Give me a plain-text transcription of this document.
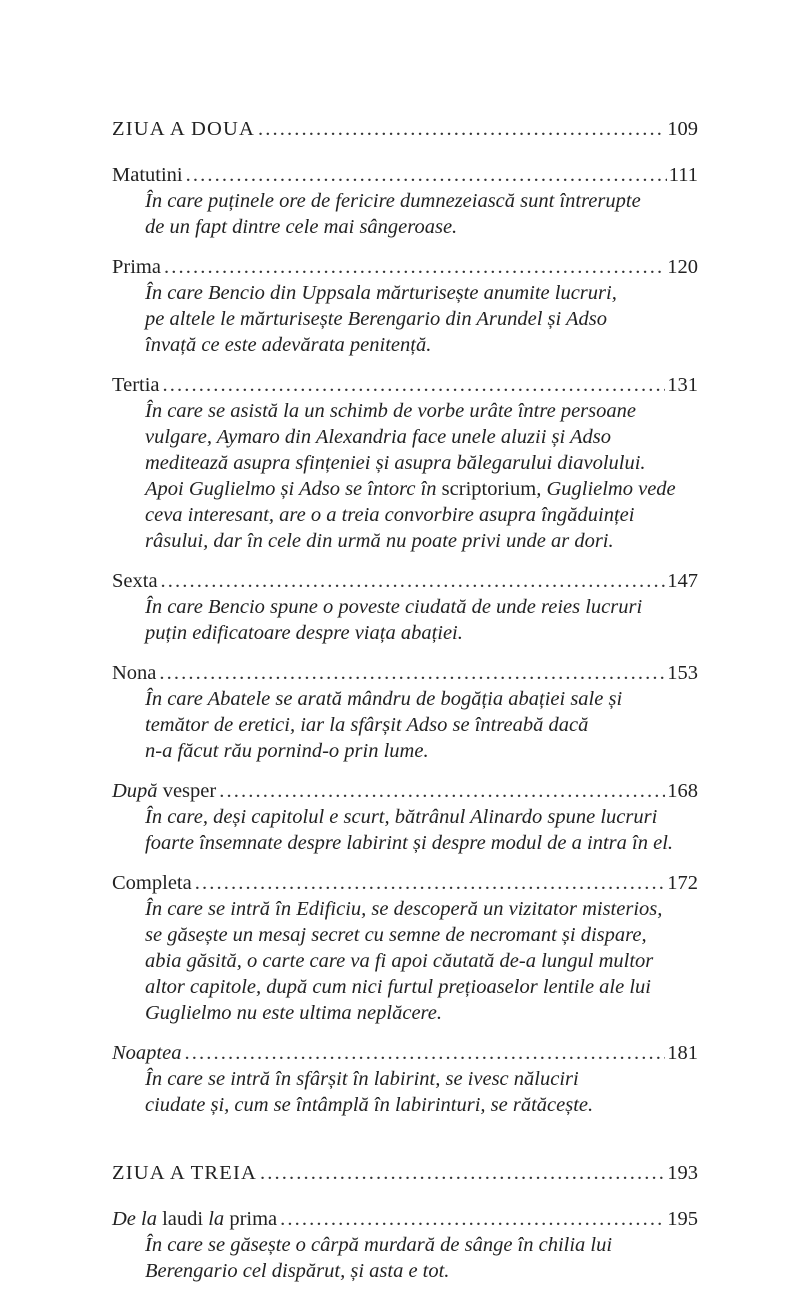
ZIUA A DOUA . . .	109
Matutini . . .	111
În care puținele ore de fericire dumnezeiască sunt întrerupte
de un fapt dintre cele mai sângeroase.
Prima . . .	120
În care Bencio din Uppsala mărturisește anumite lucruri,
pe altele le mărturisește Berengario din Arundel și Adso
învață ce este adevărata penitență.
Tertia . . .	131
În care se asistă la un schimb de vorbe urâte între persoane
vulgare, Aymaro din Alexandria face unele aluzii și Adso
meditează asupra sfințeniei și asupra bălegarului diavolului.
Apoi Guglielmo și Adso se întorc în scriptorium, Guglielmo vede
ceva interesant, are o a treia convorbire asupra îngăduinței
râsului, dar în cele din urmă nu poate privi unde ar dori.
Sexta . . .	147
În care Bencio spune o poveste ciudată de unde reies lucruri
puțin edificatoare despre viața abației.
Nona . . .	153
În care Abatele se arată mândru de bogăția abației sale și
temător de eretici, iar la sfârșit Adso se întreabă dacă
n-a făcut rău pornind-o prin lume.
După vesper . . .	168
În care, deși capitolul e scurt, bătrânul Alinardo spune lucruri
foarte însemnate despre labirint și despre modul de a intra în el.
Completa . . .	172
În care se intră în Edificiu, se descoperă un vizitator misterios,
se găsește un mesaj secret cu semne de necromant și dispare,
abia găsită, o carte care va fi apoi căutată de-a lungul multor
altor capitole, după cum nici furtul prețioaselor lentile ale lui
Guglielmo nu este ultima neplăcere.
Noaptea . . .	181
În care se intră în sfârșit în labirint, se ivesc năluciri
ciudate și, cum se întâmplă în labirinturi, se rătăcește.
ZIUA A TREIA . . .	193
De la laudi la prima . . .	195
În care se găsește o cârpă murdară de sânge în chilia lui
Berengario cel dispărut, și asta e tot.
